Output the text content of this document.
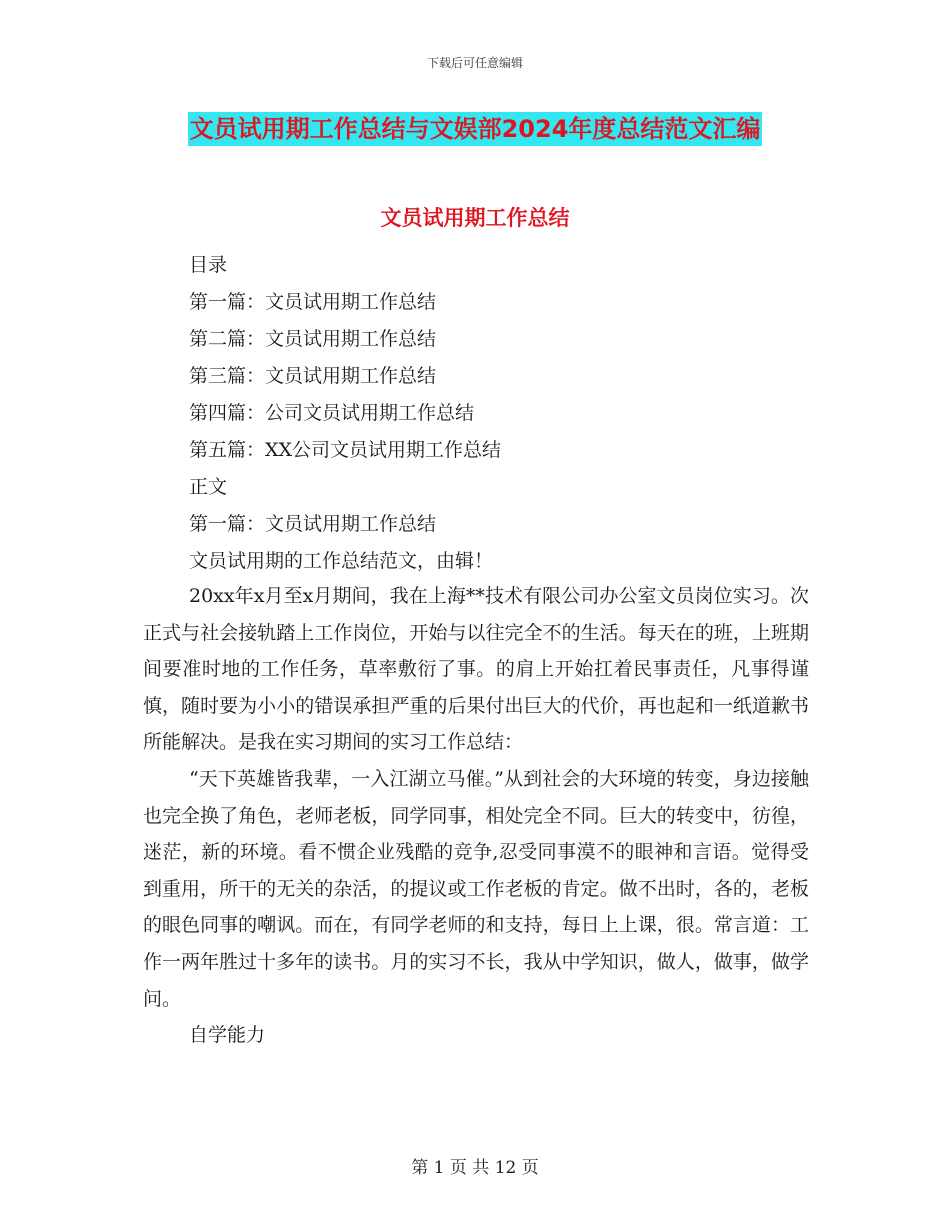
下载后可任意编辑
文员试用期工作总结与文娱部2024年度总结范文汇编
文员试用期工作总结
目录
第一篇：文员试用期工作总结
第二篇：文员试用期工作总结
第三篇：文员试用期工作总结
第四篇：公司文员试用期工作总结
第五篇：XX公司文员试用期工作总结
正文
第一篇：文员试用期工作总结
文员试用期的工作总结范文，由辑！

20xx年x月至x月期间，我在上海**技术有限公司办公室文员岗位实习。次正式与社会接轨踏上工作岗位，开始与以往完全不的生活。每天在的班，上班期间要准时地的工作任务，草率敷衍了事。的肩上开始扛着民事责任，凡事得谨慎，随时要为小小的错误承担严重的后果付出巨大的代价，再也起和一纸道歉书所能解决。是我在实习期间的实习工作总结：

“天下英雄皆我辈，一入江湖立马催。”从到社会的大环境的转变，身边接触也完全换了角色，老师老板，同学同事，相处完全不同。巨大的转变中，彷徨，迷茫，新的环境。看不惯企业残酷的竞争,忍受同事漠不的眼神和言语。觉得受到重用，所干的无关的杂活，的提议或工作老板的肯定。做不出时，各的，老板的眼色同事的嘲讽。而在，有同学老师的和支持，每日上上课，很。常言道：工作一两年胜过十多年的读书。月的实习不长，我从中学知识，做人，做事，做学问。

自学能力

第 1 页 共 12 页
